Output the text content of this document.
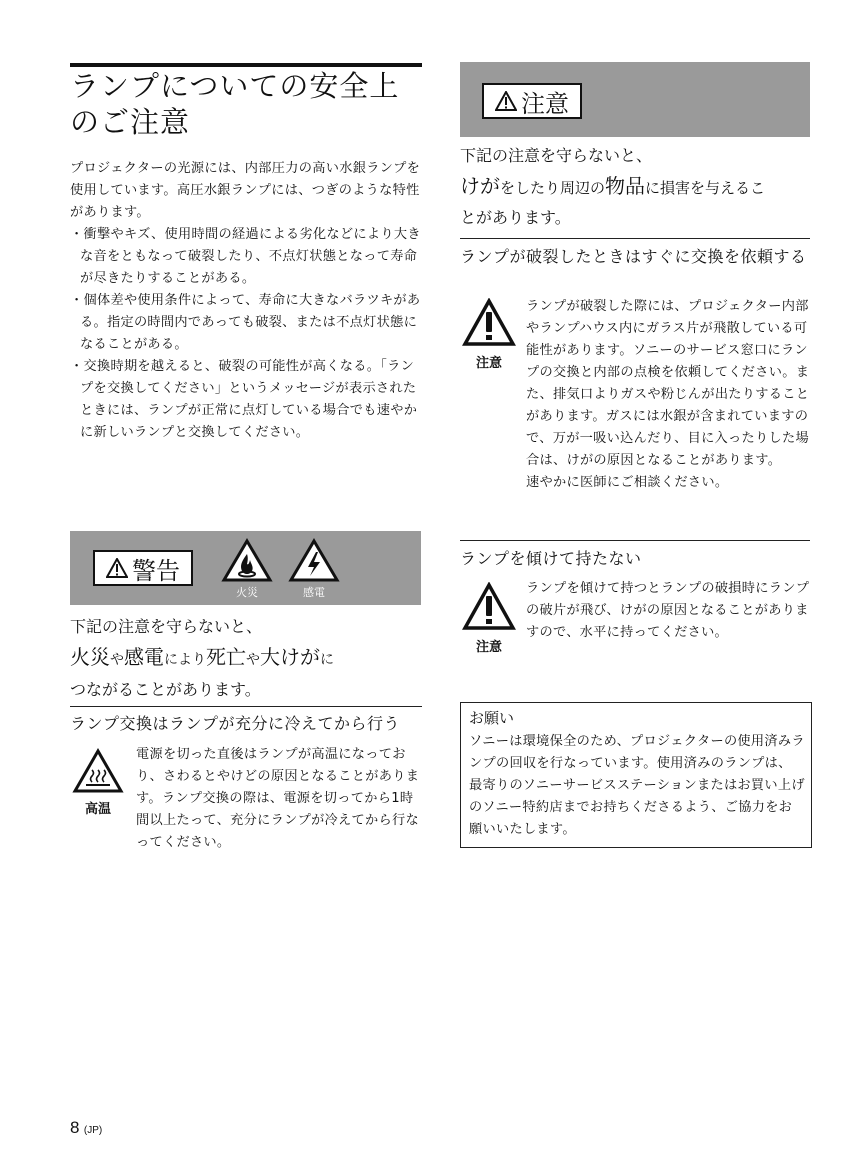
ランプについての安全上
のご注意

プロジェクターの光源には、内部圧力の高い水銀ランプを使用しています。高圧水銀ランプには、つぎのような特性があります。

・衝撃やキズ、使用時間の経過による劣化などにより大きな音をともなって破裂したり、不点灯状態となって寿命が尽きたりすることがある。

・個体差や使用条件によって、寿命に大きなバラツキがある。指定の時間内であっても破裂、または不点灯状態になることがある。

・交換時期を越えると、破裂の可能性が高くなる。「ランプを交換してください」というメッセージが表示されたときには、ランプが正常に点灯している場合でも速やかに新しいランプと交換してください。

警告
火災	感電
下記の注意を守らないと、
火災や感電により死亡や大けがに
つながることがあります。
ランプ交換はランプが充分に冷えてから行う
高温
電源を切った直後はランプが高温になっており、さわるとやけどの原因となることがあります。ランプ交換の際は、電源を切ってから1時間以上たって、充分にランプが冷えてから行なってください。
8 (JP)
注意
下記の注意を守らないと、
けがをしたり周辺の物品に損害を与えるこ
とがあります。
ランプが破裂したときはすぐに交換を依頼する
注意

ランプが破裂した際には、プロジェクター内部やランプハウス内にガラス片が飛散している可能性があります。ソニーのサービス窓口にランプの交換と内部の点検を依頼してください。また、排気口よりガスや粉じんが出たりすることがあります。ガスには水銀が含まれていますので、万が一吸い込んだり、目に入ったりした場合は、けがの原因となることがあります。

速やかに医師にご相談ください。

ランプを傾けて持たない
注意
ランプを傾けて持つとランプの破損時にランプの破片が飛び、けがの原因となることがありますので、水平に持ってください。
お願い
ソニーは環境保全のため、プロジェクターの使用済みランプの回収を行なっています。使用済みのランプは、最寄りのソニーサービスステーションまたはお買い上げのソニー特約店までお持ちくださるよう、ご協力をお願いいたします。
